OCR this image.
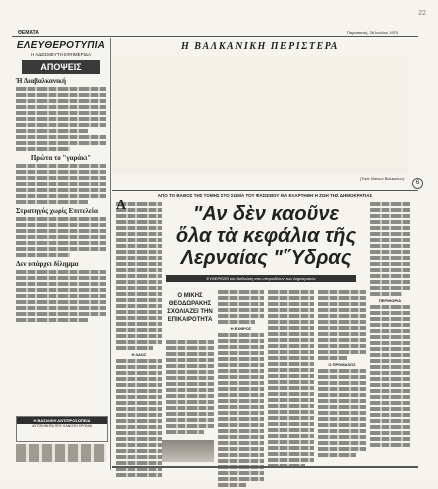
22
ΘΕΜΑΤΑ	Παρασκευή, 26 Ιουλίου 1970
ΕΛΕΥΘΕΡΟΤΥΠΙΑ
Η ΑΔΕΣΜΕΥΤΗ ΕΦΗΜΕΡΙΔΑ
ΑΠΟΨΕΙΣ
Ή Διαβαλκανική
Πρώτα το "γαράκι"
Στρατηγός χωρίς Επιτελεία
Δεν υπάρχει δίλημμα
Η ΒΑΣΙΛΙΚΗ ΑΝΤΙΠΡΟΣΩΠΕΙΑ
ΑΥΤΟΚΙΝΗΤΑ ΠΟΥ ΚΑΝΟΥΝ ΧΡΟΝΙΑ
Η ΒΑΛΚΑΝΙΚΗ ΠΕΡΙΣΤΕΡΑ
(Τοιά: Νότιων Βάλκανων)
6
ΑΠΟ ΤΟ ΒΑΘΟΣ ΤΗΣ ΤΟΜΗΣ ΣΤΟ ΣΩΜΑ ΤΟΥ ΦΑΣΙΣΜΟΥ ΘΑ ΕΞΑΡΤΗΘΗ Η ΖΩΗ ΤΗΣ ΔΗΜΟΚΡΑΤΙΑΣ
Α
Η ΛΑΟΣ
"Αν δὲν καοῦνε
ὅλα τὰ κεφάλια τῆς
Λερναίας "Ὕδρας
ΕΥΘΕΡΕΣΕΙ και διεθνώση απο υπαμοδέουν των Δημοκρατών
ΠΕΡΙΘΩΡΙΑ
Ο ΜΙΚΗΣ ΘΕΟΔΩΡΑΚΗΣ ΣΧΟΛΙΑΖΕΙ ΤΗΝ ΕΠΙΚΑΙΡΟΤΗΤΑ
Η ΕΧΘΡΟΣ
Ο ΠΡΟΜΑΧΟΣ
